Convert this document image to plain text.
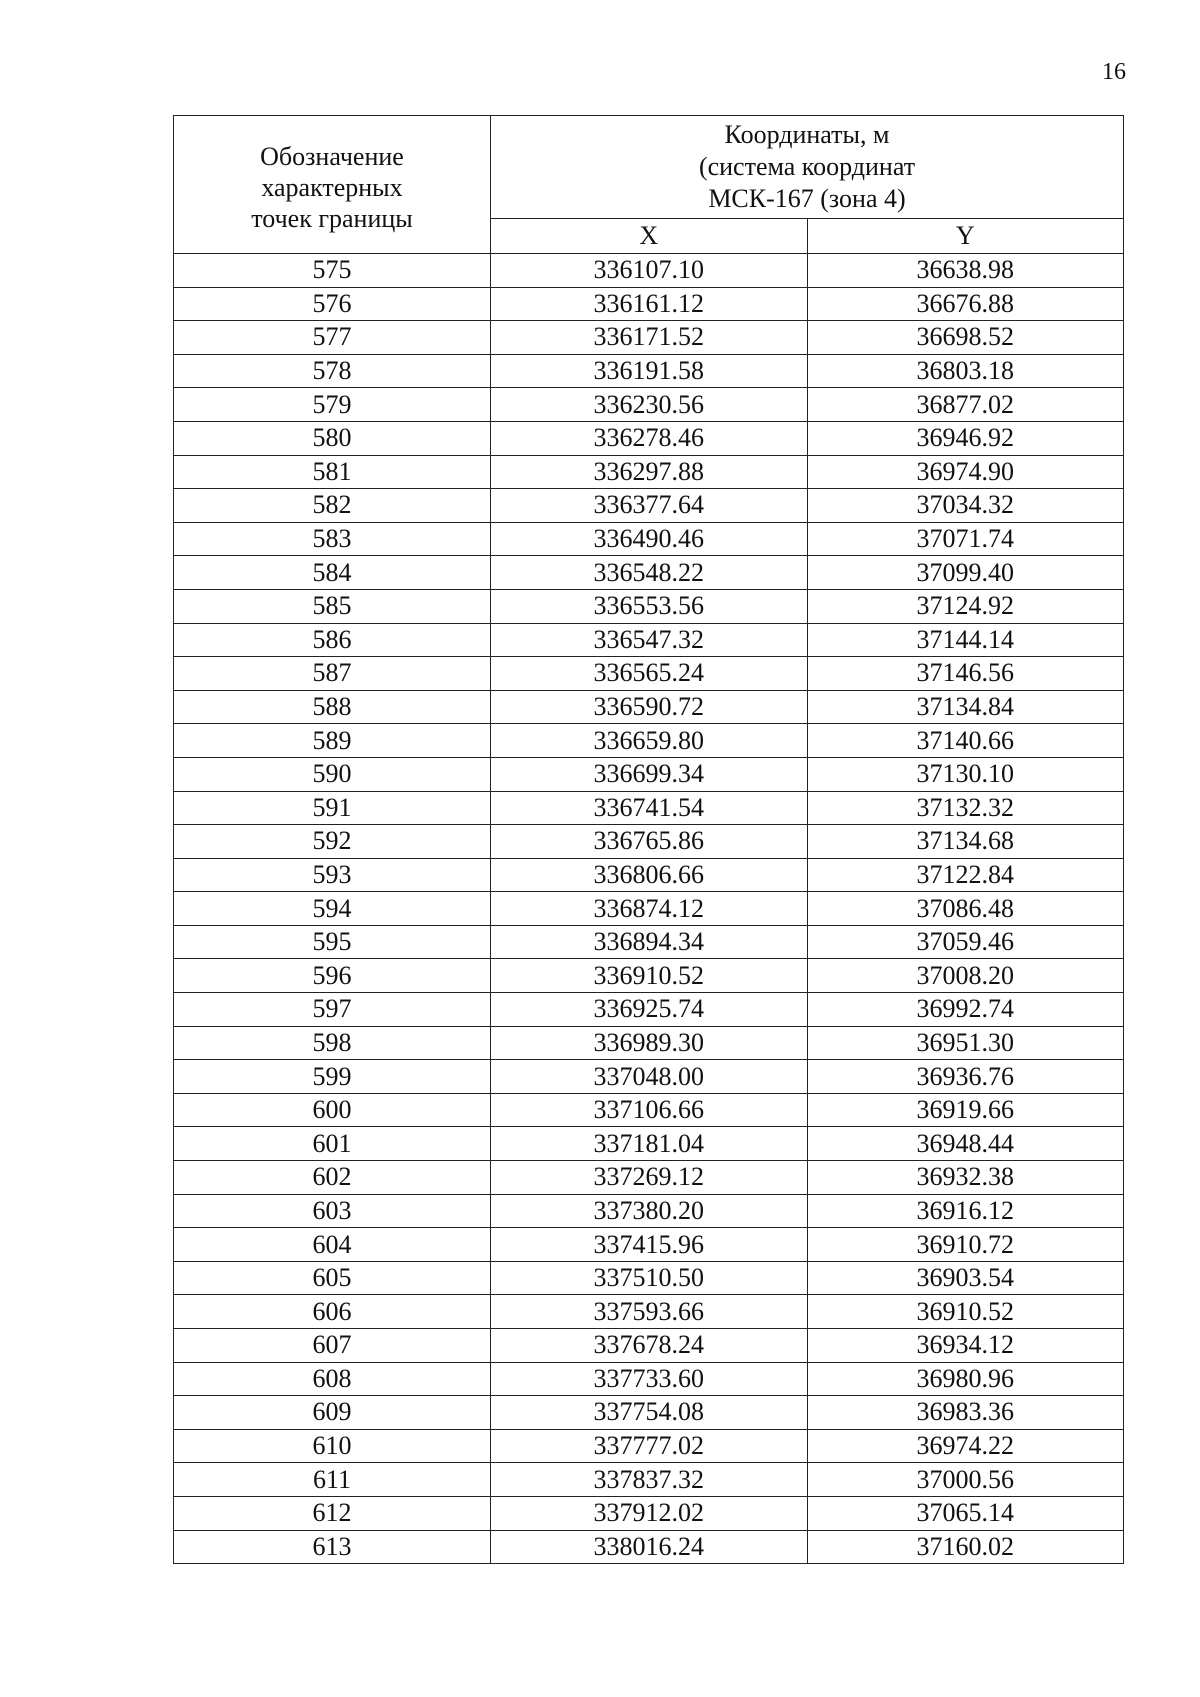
16
Обозначение
характерных
точек границы	Координаты, м
(система координат
МСК-167 (зона 4)	

	X	Y
575	336107.10	36638.98
576	336161.12	36676.88
577	336171.52	36698.52
578	336191.58	36803.18
579	336230.56	36877.02
580	336278.46	36946.92
581	336297.88	36974.90
582	336377.64	37034.32
583	336490.46	37071.74
584	336548.22	37099.40
585	336553.56	37124.92
586	336547.32	37144.14
587	336565.24	37146.56
588	336590.72	37134.84
589	336659.80	37140.66
590	336699.34	37130.10
591	336741.54	37132.32
592	336765.86	37134.68
593	336806.66	37122.84
594	336874.12	37086.48
595	336894.34	37059.46
596	336910.52	37008.20
597	336925.74	36992.74
598	336989.30	36951.30
599	337048.00	36936.76
600	337106.66	36919.66
601	337181.04	36948.44
602	337269.12	36932.38
603	337380.20	36916.12
604	337415.96	36910.72
605	337510.50	36903.54
606	337593.66	36910.52
607	337678.24	36934.12
608	337733.60	36980.96
609	337754.08	36983.36
610	337777.02	36974.22
611	337837.32	37000.56
612	337912.02	37065.14
613	338016.24	37160.02
